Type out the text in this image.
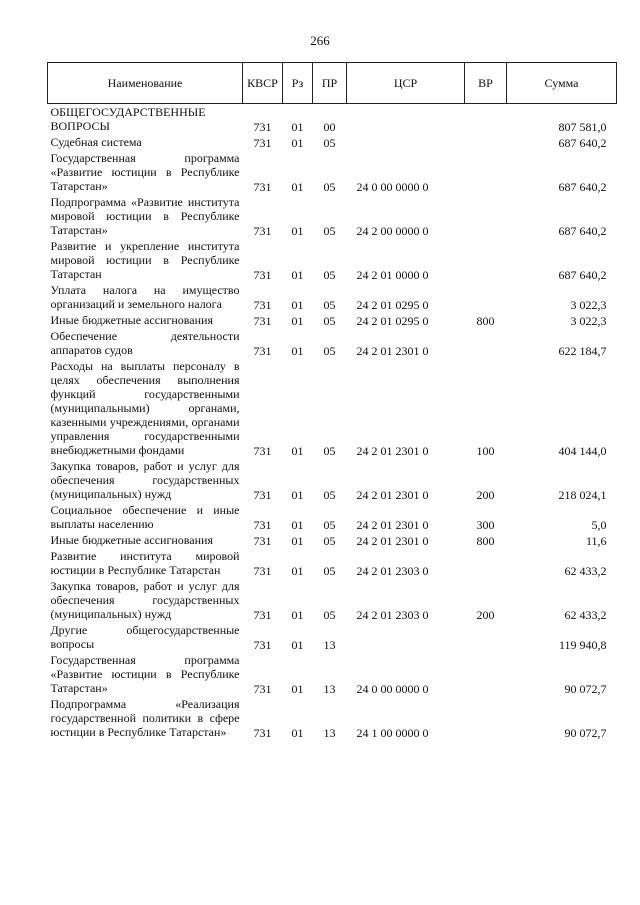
266
Наименование	КВСР	Рз	ПР	ЦСР	ВР	Сумма
ОБЩЕГОСУДАРСТВЕННЫЕ ВОПРОСЫ	731	01	00			807 581,0
Судебная система	731	01	05			687 640,2
Государственная программа «Развитие юстиции в Республике Татарстан»	731	01	05	24 0 00 0000 0		687 640,2
Подпрограмма «Развитие института мировой юстиции в Республике Татарстан»	731	01	05	24 2 00 0000 0		687 640,2
Развитие и укрепление института мировой юстиции в Республике Татарстан	731	01	05	24 2 01 0000 0		687 640,2
Уплата налога на имущество организаций и земельного налога	731	01	05	24 2 01 0295 0		3 022,3
Иные бюджетные ассигнования	731	01	05	24 2 01 0295 0	800	3 022,3
Обеспечение деятельности аппаратов судов	731	01	05	24 2 01 2301 0		622 184,7
Расходы на выплаты персоналу в целях обеспечения выполнения функций государственными (муниципальными) органами, казенными учреждениями, органами управления государственными внебюджетными фондами	731	01	05	24 2 01 2301 0	100	404 144,0
Закупка товаров, работ и услуг для обеспечения государственных (муниципальных) нужд	731	01	05	24 2 01 2301 0	200	218 024,1
Социальное обеспечение и иные выплаты населению	731	01	05	24 2 01 2301 0	300	5,0
Иные бюджетные ассигнования	731	01	05	24 2 01 2301 0	800	11,6
Развитие института мировой юстиции в Республике Татарстан	731	01	05	24 2 01 2303 0		62 433,2
Закупка товаров, работ и услуг для обеспечения государственных (муниципальных) нужд	731	01	05	24 2 01 2303 0	200	62 433,2
Другие общегосударственные вопросы	731	01	13			119 940,8
Государственная программа «Развитие юстиции в Республике Татарстан»	731	01	13	24 0 00 0000 0		90 072,7
Подпрограмма «Реализация государственной политики в сфере юстиции в Республике Татарстан»	731	01	13	24 1 00 0000 0		90 072,7
